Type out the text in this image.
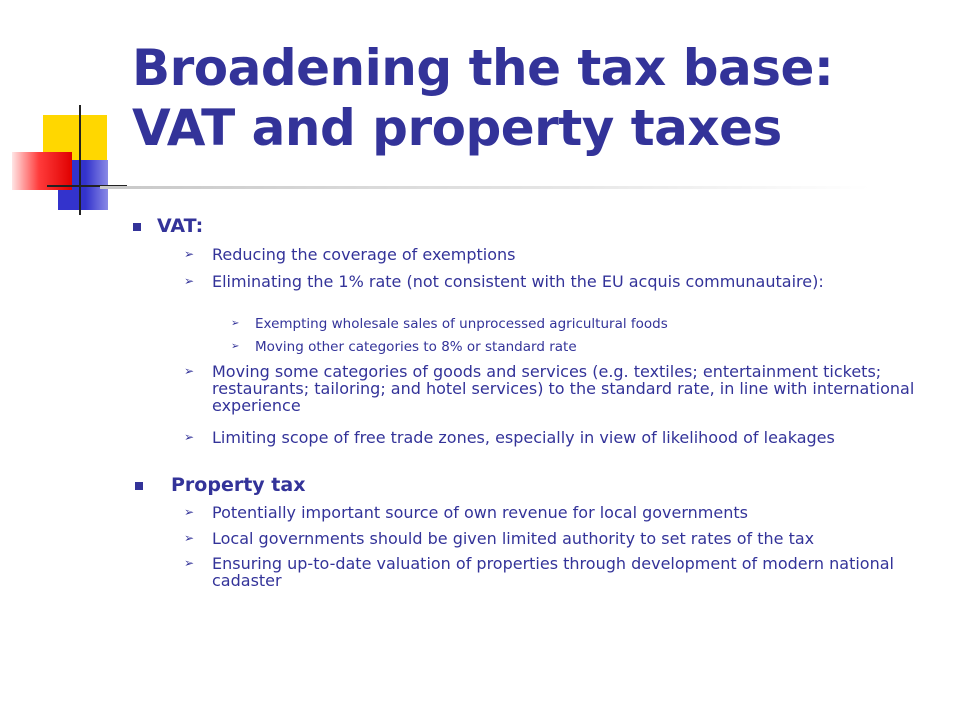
Broadening the tax base:
VAT and property taxes
VAT:
➢ Reducing the coverage of exemptions
➢ Eliminating the 1% rate (not consistent with the EU acquis communautaire):
➢ Exempting wholesale sales of unprocessed agricultural foods
➢ Moving other categories to 8% or standard rate
➢ Moving some categories of goods and services (e.g. textiles; entertainment tickets; restaurants; tailoring; and hotel services) to the standard rate, in line with international experience
➢ Limiting scope of free trade zones, especially in view of likelihood of leakages
Property tax
➢ Potentially important source of own revenue for local governments
➢ Local governments should be given limited authority to set rates of the tax
➢ Ensuring up-to-date valuation of properties through development of modern national cadaster
